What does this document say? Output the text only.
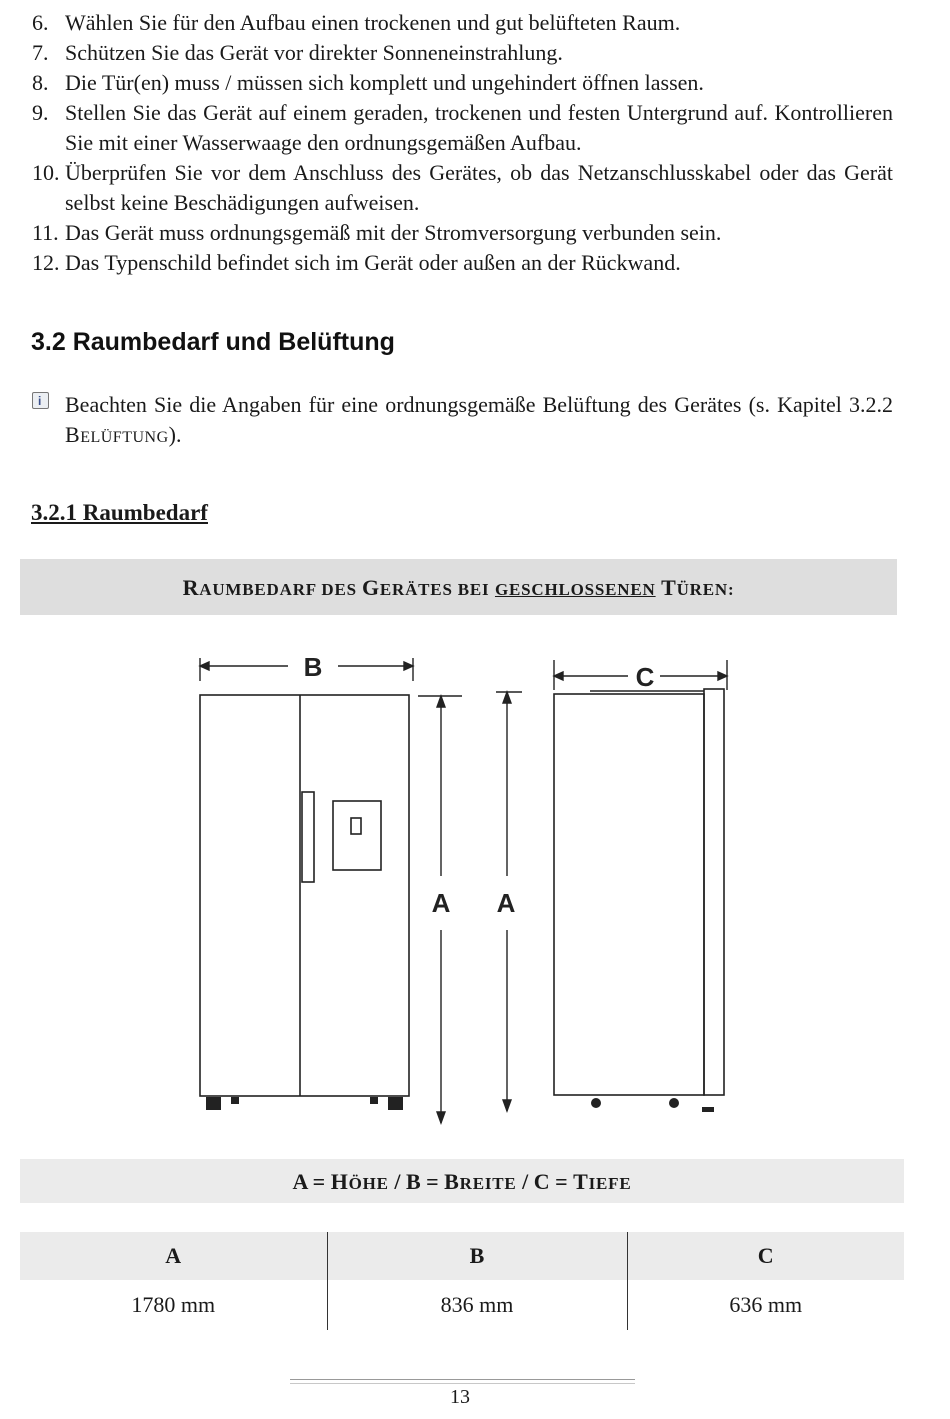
6. Wählen Sie für den Aufbau einen trockenen und gut belüfteten Raum.
7. Schützen Sie das Gerät vor direkter Sonneneinstrahlung.
8. Die Tür(en) muss / müssen sich komplett und ungehindert öffnen lassen.
9. Stellen Sie das Gerät auf einem geraden, trockenen und festen Untergrund auf. Kontrollieren Sie mit einer Wasserwaage den ordnungsgemäßen Aufbau.
10. Überprüfen Sie vor dem Anschluss des Gerätes, ob das Netzanschlusskabel oder das Gerät selbst keine Beschädigungen aufweisen.
11. Das Gerät muss ordnungsgemäß mit der Stromversorgung verbunden sein.
12. Das Typenschild befindet sich im Gerät oder außen an der Rückwand.
3.2 Raumbedarf und Belüftung
i Beachten Sie die Angaben für eine ordnungsgemäße Belüftung des Gerätes (s. Kapitel 3.2.2 BELÜFTUNG).
3.2.1 Raumbedarf
RAUMBEDARF DES GERÄTES BEI GESCHLOSSENEN TÜREN:
B	C
A A
A = HÖHE / B = BREITE / C = TIEFE
A	B	C
1780 mm	836 mm	636 mm
13
